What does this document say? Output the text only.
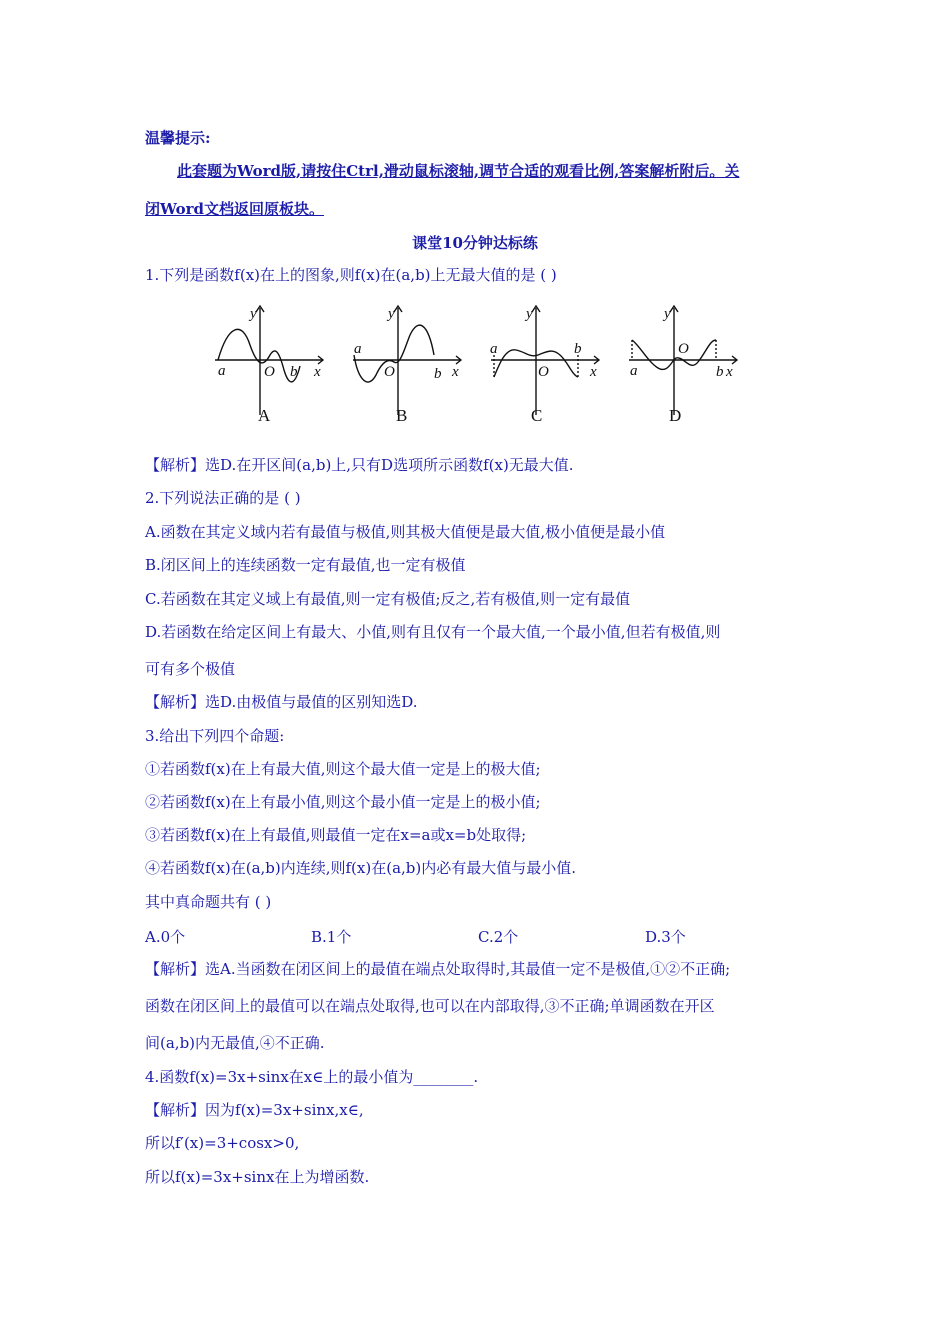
温馨提示:
此套题为Word版,请按住Ctrl,滑动鼠标滚轴,调节合适的观看比例,答案解析附后。关
闭Word文档返回原板块。
课堂10分钟达标练
1.下列是函数f(x)在上的图象,则f(x)在(a,b)上无最大值的是 ( )
y
a	O b x
A
y
a
O	b x
B
y
a
O
b
x
C
y
a
O
b x
D
【解析】选D.在开区间(a,b)上,只有D选项所示函数f(x)无最大值.
2.下列说法正确的是 ( )
A.函数在其定义域内若有最值与极值,则其极大值便是最大值,极小值便是最小值
B.闭区间上的连续函数一定有最值,也一定有极值
C.若函数在其定义域上有最值,则一定有极值;反之,若有极值,则一定有最值
D.若函数在给定区间上有最大、小值,则有且仅有一个最大值,一个最小值,但若有极值,则
可有多个极值
【解析】选D.由极值与最值的区别知选D.
3.给出下列四个命题:
①若函数f(x)在上有最大值,则这个最大值一定是上的极大值;
②若函数f(x)在上有最小值,则这个最小值一定是上的极小值;
③若函数f(x)在上有最值,则最值一定在x=a或x=b处取得;
④若函数f(x)在(a,b)内连续,则f(x)在(a,b)内必有最大值与最小值.
其中真命题共有 ( )
A.0个	B.1个	C.2个	D.3个
【解析】选A.当函数在闭区间上的最值在端点处取得时,其最值一定不是极值,①②不正确;
函数在闭区间上的最值可以在端点处取得,也可以在内部取得,③不正确;单调函数在开区
间(a,b)内无最值,④不正确.
4.函数f(x)=3x+sinx在x∈上的最小值为________.
【解析】因为f(x)=3x+sinx,x∈,
所以f′(x)=3+cosx>0,
所以f(x)=3x+sinx在上为增函数.
